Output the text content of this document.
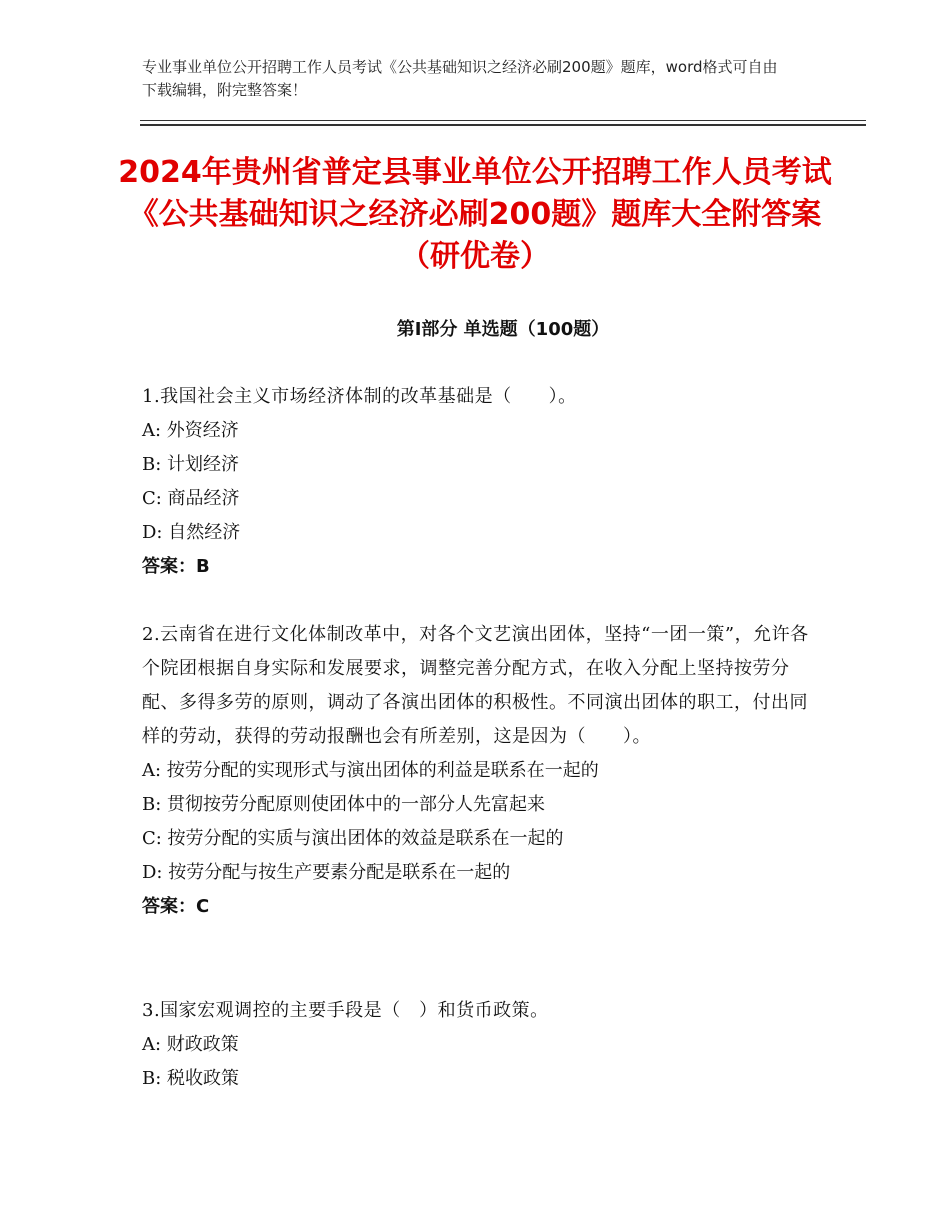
专业事业单位公开招聘工作人员考试《公共基础知识之经济必刷200题》题库，word格式可自由下载编辑，附完整答案！
2024年贵州省普定县事业单位公开招聘工作人员考试《公共基础知识之经济必刷200题》题库大全附答案（研优卷）
第Ⅰ部分 单选题（100题）
1.我国社会主义市场经济体制的改革基础是（　　）。
A: 外资经济
B: 计划经济
C: 商品经济
D: 自然经济
答案：B
2.云南省在进行文化体制改革中，对各个文艺演出团体，坚持“一团一策”，允许各个院团根据自身实际和发展要求，调整完善分配方式，在收入分配上坚持按劳分配、多得多劳的原则，调动了各演出团体的积极性。不同演出团体的职工，付出同样的劳动，获得的劳动报酬也会有所差别，这是因为（　　）。
A: 按劳分配的实现形式与演出团体的利益是联系在一起的
B: 贯彻按劳分配原则使团体中的一部分人先富起来
C: 按劳分配的实质与演出团体的效益是联系在一起的
D: 按劳分配与按生产要素分配是联系在一起的
答案：C
3.国家宏观调控的主要手段是（　）和货币政策。
A: 财政政策
B: 税收政策
